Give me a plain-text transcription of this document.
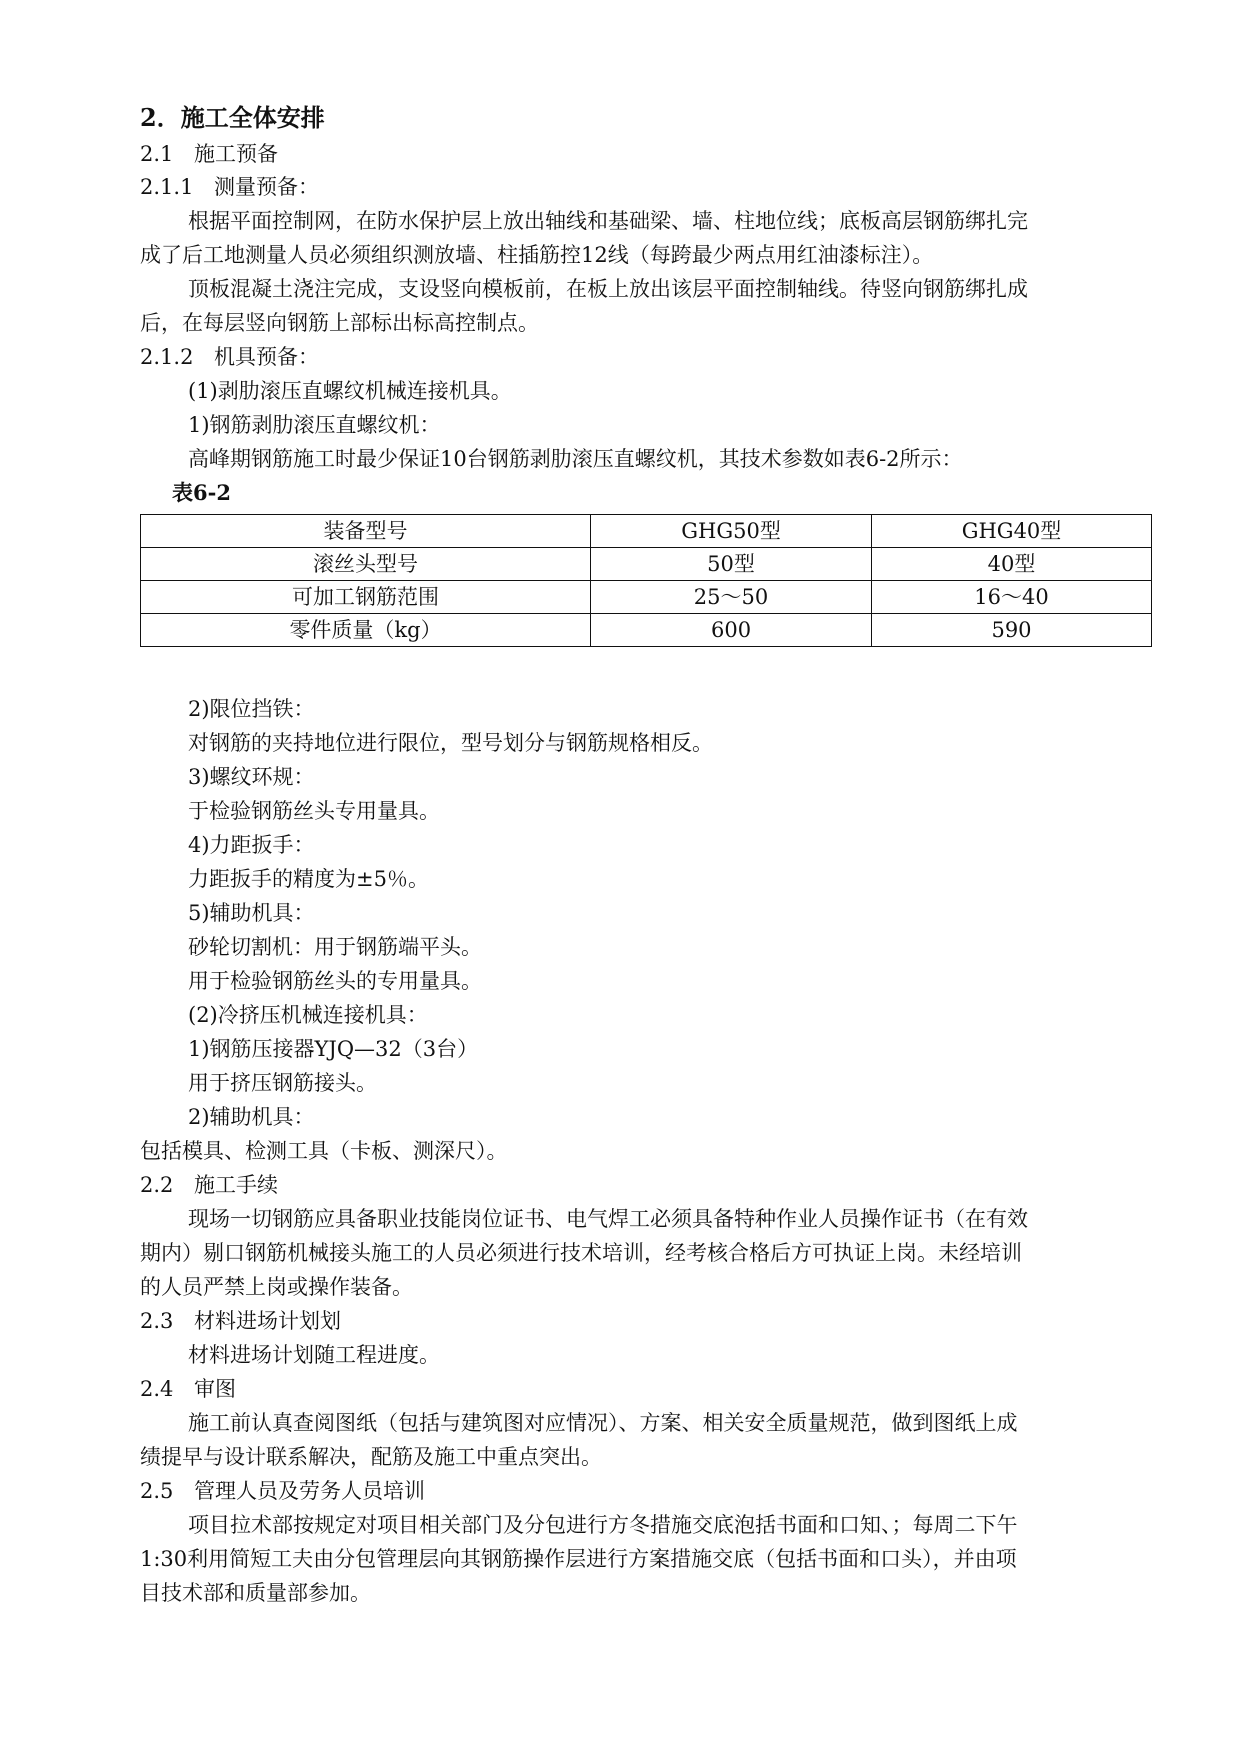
2．施工全体安排
2.1 施工预备
2.1.1 测量预备：
根据平面控制网，在防水保护层上放出轴线和基础梁、墙、柱地位线；底板高层钢筋绑扎完
成了后工地测量人员必须组织测放墙、柱插筋控12线（每跨最少两点用红油漆标注）。
顶板混凝土浇注完成，支设竖向模板前，在板上放出该层平面控制轴线。待竖向钢筋绑扎成
后，在每层竖向钢筋上部标出标高控制点。
2.1.2 机具预备：
(1)剥肋滚压直螺纹机械连接机具。
1)钢筋剥肋滚压直螺纹机：
高峰期钢筋施工时最少保证10台钢筋剥肋滚压直螺纹机，其技术参数如表6-2所示：
表6-2
装备型号	GHG50型	GHG40型
滚丝头型号	50型	40型
可加工钢筋范围	25～50	16～40
零件质量（kg）	600	590
2)限位挡铁：
对钢筋的夹持地位进行限位，型号划分与钢筋规格相反。
3)螺纹环规：
于检验钢筋丝头专用量具。
4)力距扳手：
力距扳手的精度为±5％。
5)辅助机具：
砂轮切割机：用于钢筋端平头。
用于检验钢筋丝头的专用量具。
(2)冷挤压机械连接机具：
1)钢筋压接器YJQ—32（3台）
用于挤压钢筋接头。
2)辅助机具：
包括模具、检测工具（卡板、测深尺）。
2.2 施工手续
现场一切钢筋应具备职业技能岗位证书、电气焊工必须具备特种作业人员操作证书（在有效
期内）剔口钢筋机械接头施工的人员必须进行技术培训，经考核合格后方可执证上岗。未经培训
的人员严禁上岗或操作装备。
2.3 材料进场计划划
材料进场计划随工程进度。
2.4 审图
施工前认真查阅图纸（包括与建筑图对应情况）、方案、相关安全质量规范，做到图纸上成
绩提早与设计联系解决，配筋及施工中重点突出。
2.5 管理人员及劳务人员培训
项目拉术部按规定对项目相关部门及分包进行方冬措施交底泡括书面和口知、；每周二下午
1:30利用简短工夫由分包管理层向其钢筋操作层进行方案措施交底（包括书面和口头），并由项
目技术部和质量部参加。
